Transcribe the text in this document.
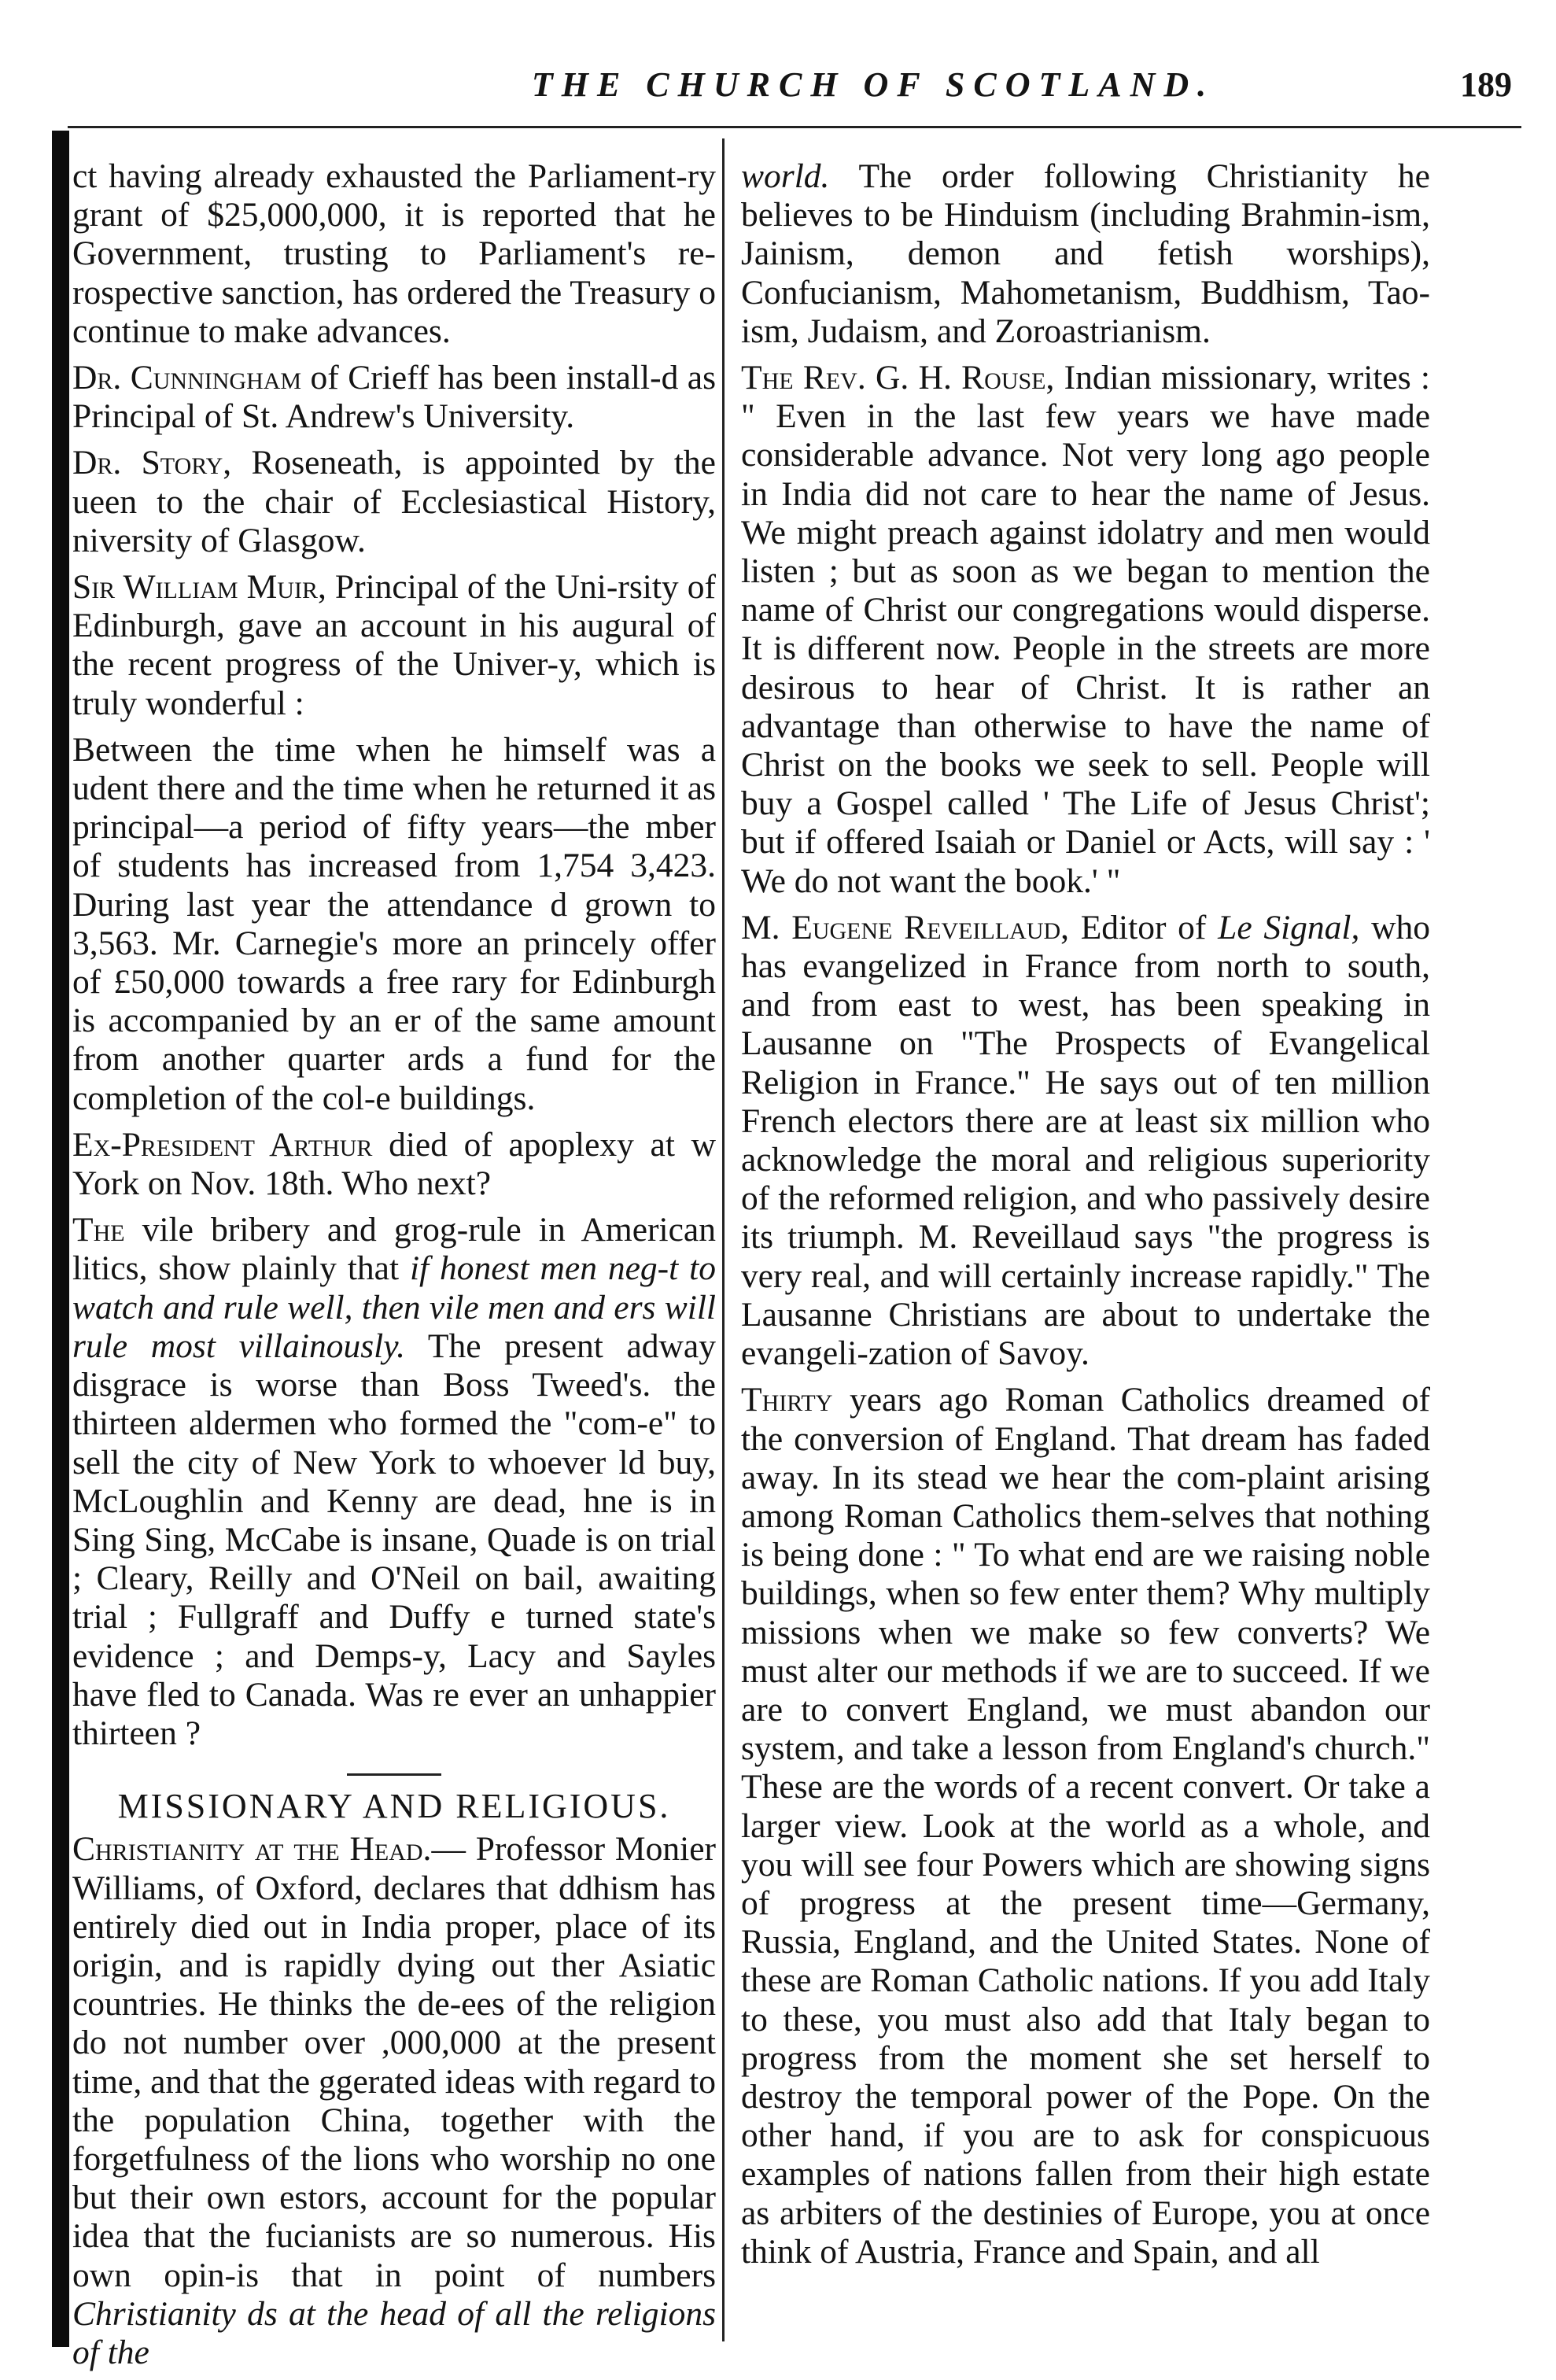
THE CHURCH OF SCOTLAND.	189

ct having already exhausted the Parliament-ry grant of $25,000,000, it is reported that he Government, trusting to Parliament's re-rospective sanction, has ordered the Treasury o continue to make advances.

Dr. Cunningham of Crieff has been install-d as Principal of St. Andrew's University.

Dr. Story, Roseneath, is appointed by the ueen to the chair of Ecclesiastical History, niversity of Glasgow.

Sir William Muir, Principal of the Uni-rsity of Edinburgh, gave an account in his augural of the recent progress of the Univer-y, which is truly wonderful :

Between the time when he himself was a udent there and the time when he returned it as principal—a period of fifty years—the mber of students has increased from 1,754 3,423. During last year the attendance d grown to 3,563. Mr. Carnegie's more an princely offer of £50,000 towards a free rary for Edinburgh is accompanied by an er of the same amount from another quarter ards a fund for the completion of the col-e buildings.

Ex-President Arthur died of apoplexy at w York on Nov. 18th. Who next?

The vile bribery and grog-rule in American litics, show plainly that if honest men neg-t to watch and rule well, then vile men and ers will rule most villainously. The present adway disgrace is worse than Boss Tweed's. the thirteen aldermen who formed the "com-e" to sell the city of New York to whoever ld buy, McLoughlin and Kenny are dead, hne is in Sing Sing, McCabe is insane, Quade is on trial ; Cleary, Reilly and O'Neil on bail, awaiting trial ; Fullgraff and Duffy e turned state's evidence ; and Demps-y, Lacy and Sayles have fled to Canada. Was re ever an unhappier thirteen ?

MISSIONARY AND RELIGIOUS.

Christianity at the Head.— Professor Monier Williams, of Oxford, declares that ddhism has entirely died out in India proper, place of its origin, and is rapidly dying out ther Asiatic countries. He thinks the de-ees of the religion do not number over ,000,000 at the present time, and that the ggerated ideas with regard to the population China, together with the forgetfulness of the lions who worship no one but their own estors, account for the popular idea that the fucianists are so numerous. His own opin-is that in point of numbers Christianity ds at the head of all the religions of the

world. The order following Christianity he believes to be Hinduism (including Brahmin-ism, Jainism, demon and fetish worships), Confucianism, Mahometanism, Buddhism, Tao-ism, Judaism, and Zoroastrianism.

The Rev. G. H. Rouse, Indian missionary, writes : " Even in the last few years we have made considerable advance. Not very long ago people in India did not care to hear the name of Jesus. We might preach against idolatry and men would listen ; but as soon as we began to mention the name of Christ our congregations would disperse. It is different now. People in the streets are more desirous to hear of Christ. It is rather an advantage than otherwise to have the name of Christ on the books we seek to sell. People will buy a Gospel called ' The Life of Jesus Christ'; but if offered Isaiah or Daniel or Acts, will say : ' We do not want the book.' "

M. Eugene Reveillaud, Editor of Le Signal, who has evangelized in France from north to south, and from east to west, has been speaking in Lausanne on "The Prospects of Evangelical Religion in France." He says out of ten million French electors there are at least six million who acknowledge the moral and religious superiority of the reformed religion, and who passively desire its triumph. M. Reveillaud says "the progress is very real, and will certainly increase rapidly." The Lausanne Christians are about to undertake the evangeli-zation of Savoy.

Thirty years ago Roman Catholics dreamed of the conversion of England. That dream has faded away. In its stead we hear the com-plaint arising among Roman Catholics them-selves that nothing is being done : " To what end are we raising noble buildings, when so few enter them? Why multiply missions when we make so few converts? We must alter our methods if we are to succeed. If we are to convert England, we must abandon our system, and take a lesson from England's church." These are the words of a recent convert. Or take a larger view. Look at the world as a whole, and you will see four Powers which are showing signs of progress at the present time—Germany, Russia, England, and the United States. None of these are Roman Catholic nations. If you add Italy to these, you must also add that Italy began to progress from the moment she set herself to destroy the temporal power of the Pope. On the other hand, if you are to ask for conspicuous examples of nations fallen from their high estate as arbiters of the destinies of Europe, you at once think of Austria, France and Spain, and all
